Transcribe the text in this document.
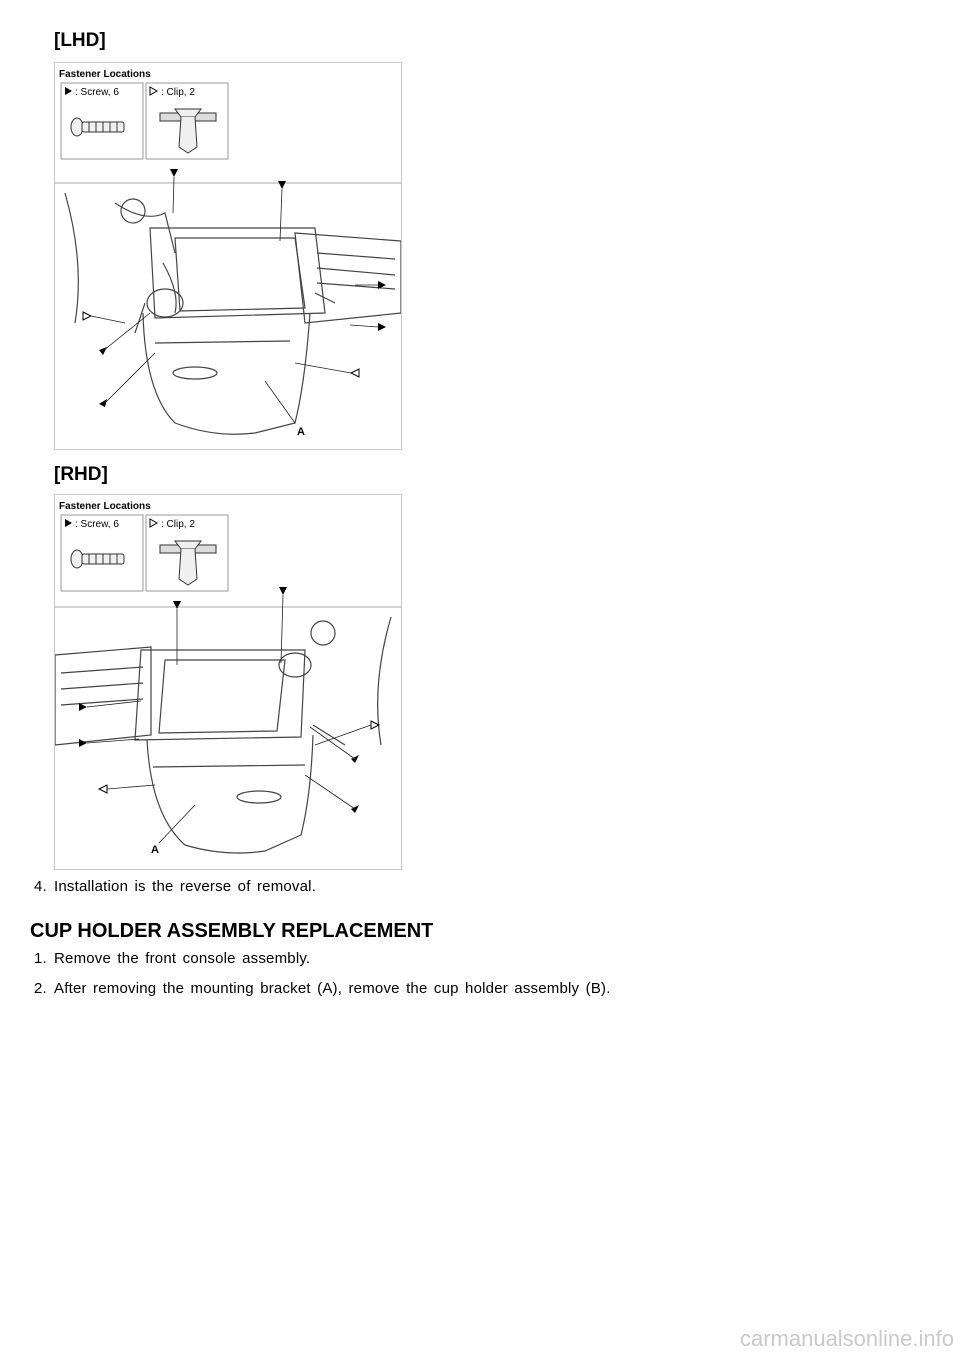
[LHD]
Fastener Locations
: Screw, 6	: Clip, 2
A
[RHD]
Fastener Locations
: Screw, 6	: Clip, 2
A
4. Installation is the reverse of removal.
CUP HOLDER ASSEMBLY REPLACEMENT
1. Remove the front console assembly.
2. After removing the mounting bracket (A), remove the cup holder assembly (B).
carmanualsonline.info
